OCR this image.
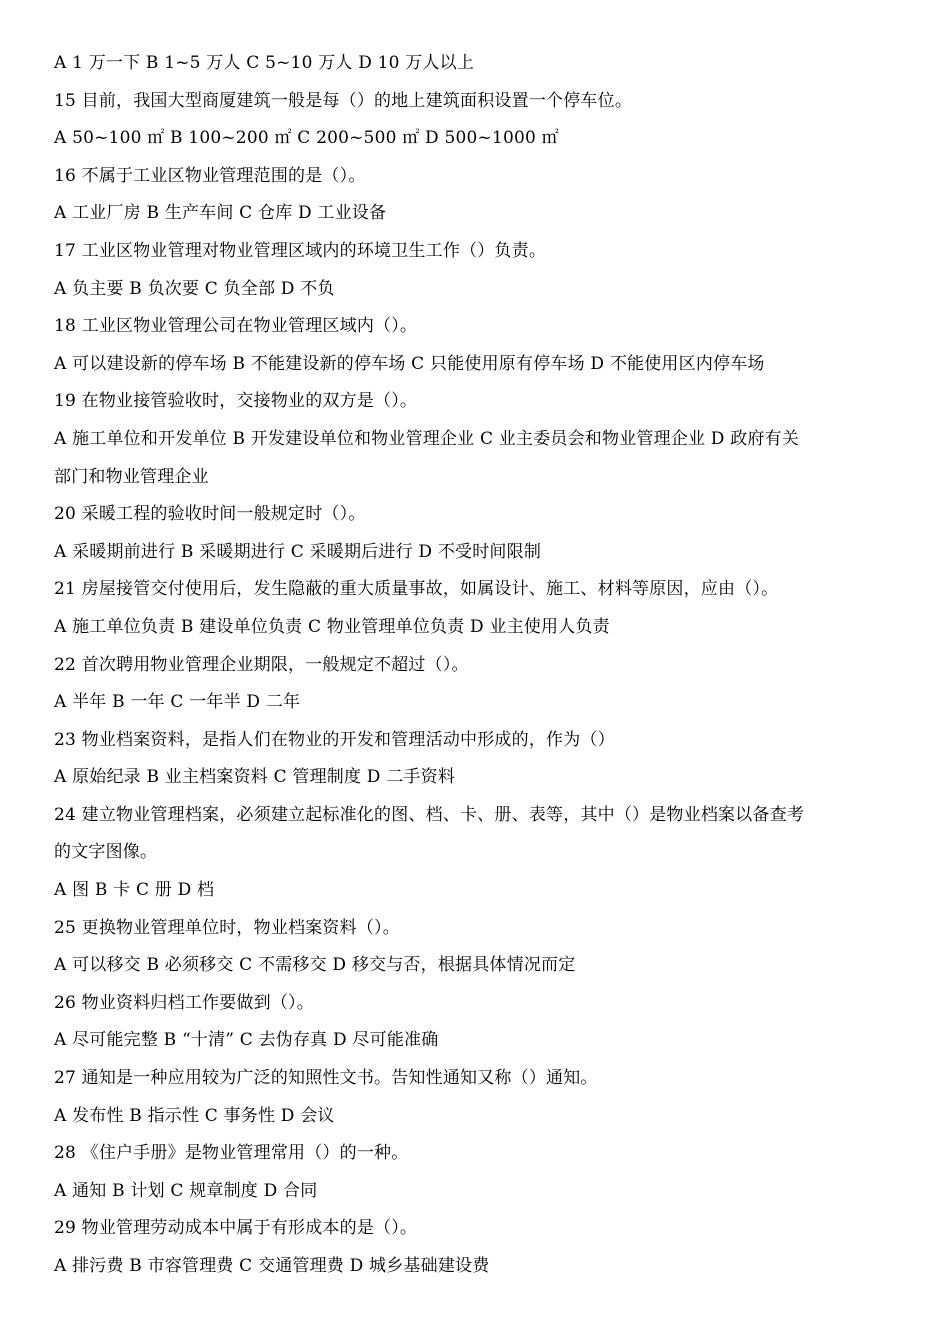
A 1 万一下 B 1~5 万人 C 5~10 万人 D 10 万人以上
15 目前，我国大型商厦建筑一般是每（）的地上建筑面积设置一个停车位。
A 50~100 ㎡ B 100~200 ㎡ C 200~500 ㎡ D 500~1000 ㎡
16 不属于工业区物业管理范围的是（）。
A 工业厂房 B 生产车间 C 仓库 D 工业设备
17 工业区物业管理对物业管理区域内的环境卫生工作（）负责。
A 负主要 B 负次要 C 负全部 D 不负
18 工业区物业管理公司在物业管理区域内（）。
A 可以建设新的停车场 B 不能建设新的停车场 C 只能使用原有停车场 D 不能使用区内停车场
19 在物业接管验收时，交接物业的双方是（）。
A 施工单位和开发单位 B 开发建设单位和物业管理企业 C 业主委员会和物业管理企业 D 政府有关
部门和物业管理企业
20 采暖工程的验收时间一般规定时（）。
A 采暖期前进行 B 采暖期进行 C 采暖期后进行 D 不受时间限制
21 房屋接管交付使用后，发生隐蔽的重大质量事故，如属设计、施工、材料等原因，应由（）。
A 施工单位负责 B 建设单位负责 C 物业管理单位负责 D 业主使用人负责
22 首次聘用物业管理企业期限，一般规定不超过（）。
A 半年 B 一年 C 一年半 D 二年
23 物业档案资料，是指人们在物业的开发和管理活动中形成的，作为（）
A 原始纪录 B 业主档案资料 C 管理制度 D 二手资料
24 建立物业管理档案，必须建立起标准化的图、档、卡、册、表等，其中（）是物业档案以备查考
的文字图像。
A 图 B 卡 C 册 D 档
25 更换物业管理单位时，物业档案资料（）。
A 可以移交 B 必须移交 C 不需移交 D 移交与否，根据具体情况而定
26 物业资料归档工作要做到（）。
A 尽可能完整 B “十清” C 去伪存真 D 尽可能准确
27 通知是一种应用较为广泛的知照性文书。告知性通知又称（）通知。
A 发布性 B 指示性 C 事务性 D 会议
28 《住户手册》是物业管理常用（）的一种。
A 通知 B 计划 C 规章制度 D 合同
29 物业管理劳动成本中属于有形成本的是（）。
A 排污费 B 市容管理费 C 交通管理费 D 城乡基础建设费
